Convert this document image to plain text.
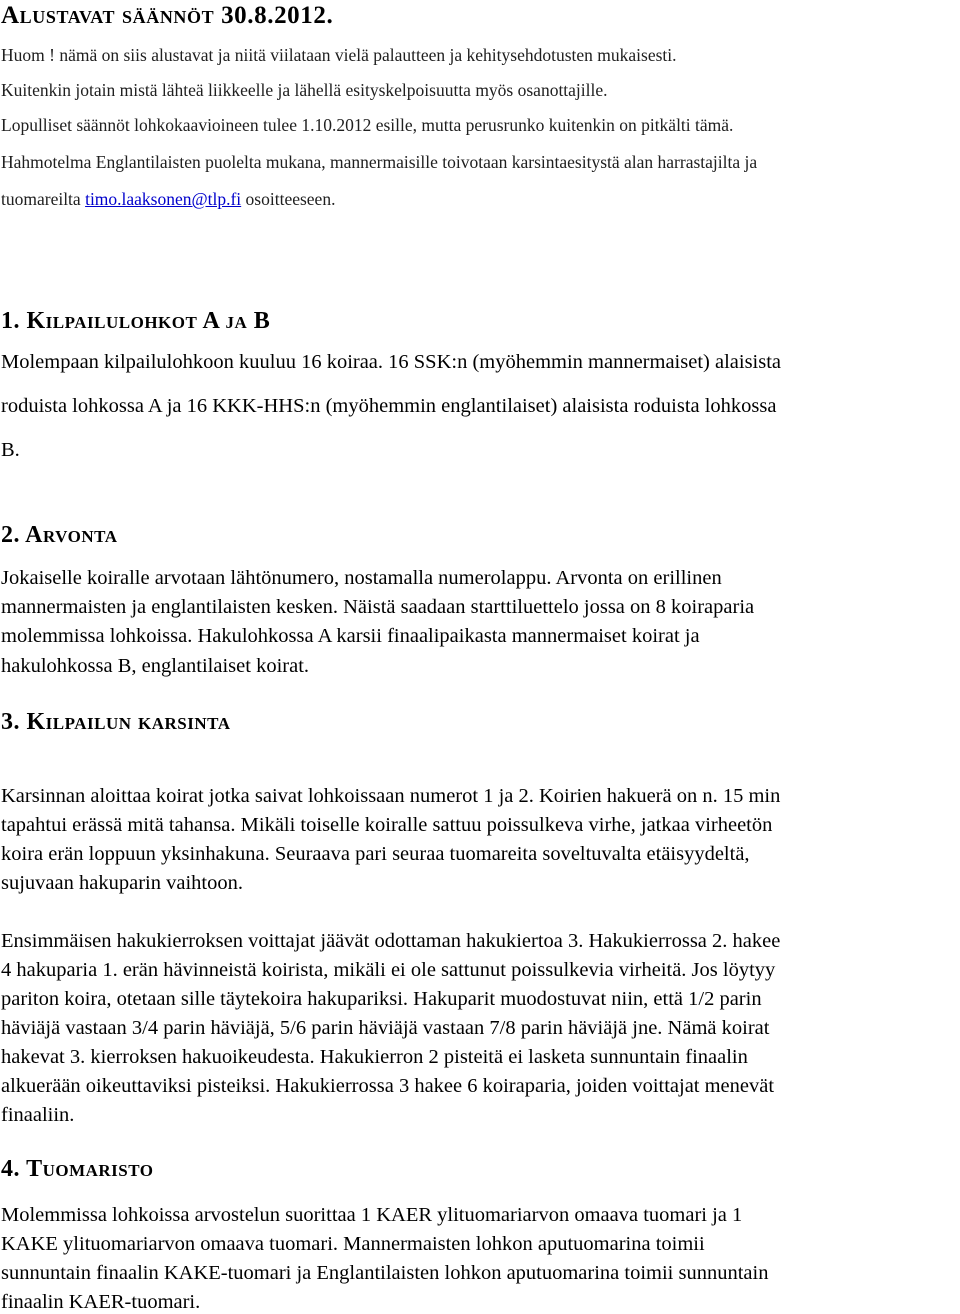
Alustavat säännöt 30.8.2012.
Huom ! nämä on siis alustavat ja niitä viilataan vielä palautteen ja kehitysehdotusten mukaisesti.
Kuitenkin jotain mistä lähteä liikkeelle ja lähellä esityskelpoisuutta myös osanottajille.
Lopulliset säännöt lohkokaavioineen tulee 1.10.2012 esille, mutta perusrunko kuitenkin on pitkälti tämä.
Hahmotelma Englantilaisten puolelta mukana, mannermaisille toivotaan karsintaesitystä alan harrastajilta ja
tuomareilta timo.laaksonen@tlp.fi osoitteeseen.
1. Kilpailulohkot A ja B
Molempaan kilpailulohkoon kuuluu 16 koiraa. 16 SSK:n (myöhemmin mannermaiset) alaisista
roduista lohkossa A ja 16 KKK-HHS:n (myöhemmin englantilaiset) alaisista roduista lohkossa
B.
2. Arvonta
Jokaiselle koiralle arvotaan lähtönumero, nostamalla numerolappu. Arvonta on erillinen
mannermaisten ja englantilaisten kesken. Näistä saadaan starttiluettelo jossa on 8 koiraparia
molemmissa lohkoissa. Hakulohkossa A karsii finaalipaikasta mannermaiset koirat ja
hakulohkossa B, englantilaiset koirat.
3. Kilpailun karsinta
Karsinnan aloittaa koirat jotka saivat lohkoissaan numerot 1 ja 2. Koirien hakuerä on n. 15 min
tapahtui erässä mitä tahansa. Mikäli toiselle koiralle sattuu poissulkeva virhe, jatkaa virheetön
koira erän loppuun yksinhakuna. Seuraava pari seuraa tuomareita soveltuvalta etäisyydeltä,
sujuvaan hakuparin vaihtoon.
Ensimmäisen hakukierroksen voittajat jäävät odottaman hakukiertoa 3. Hakukierrossa 2. hakee
4 hakuparia 1. erän hävinneistä koirista, mikäli ei ole sattunut poissulkevia virheitä. Jos löytyy
pariton koira, otetaan sille täytekoira hakupariksi. Hakuparit muodostuvat niin, että 1/2 parin
häviäjä vastaan 3/4 parin häviäjä, 5/6 parin häviäjä vastaan 7/8 parin häviäjä jne. Nämä koirat
hakevat 3. kierroksen hakuoikeudesta. Hakukierron 2 pisteitä ei lasketa sunnuntain finaalin
alkuerään oikeuttaviksi pisteiksi. Hakukierrossa 3 hakee 6 koiraparia, joiden voittajat menevät
finaaliin.
4. Tuomaristo
Molemmissa lohkoissa arvostelun suorittaa 1 KAER ylituomariarvon omaava tuomari ja 1
KAKE ylituomariarvon omaava tuomari. Mannermaisten lohkon aputuomarina toimii
sunnuntain finaalin KAKE-tuomari ja Englantilaisten lohkon aputuomarina toimii sunnuntain
finaalin KAER-tuomari.
